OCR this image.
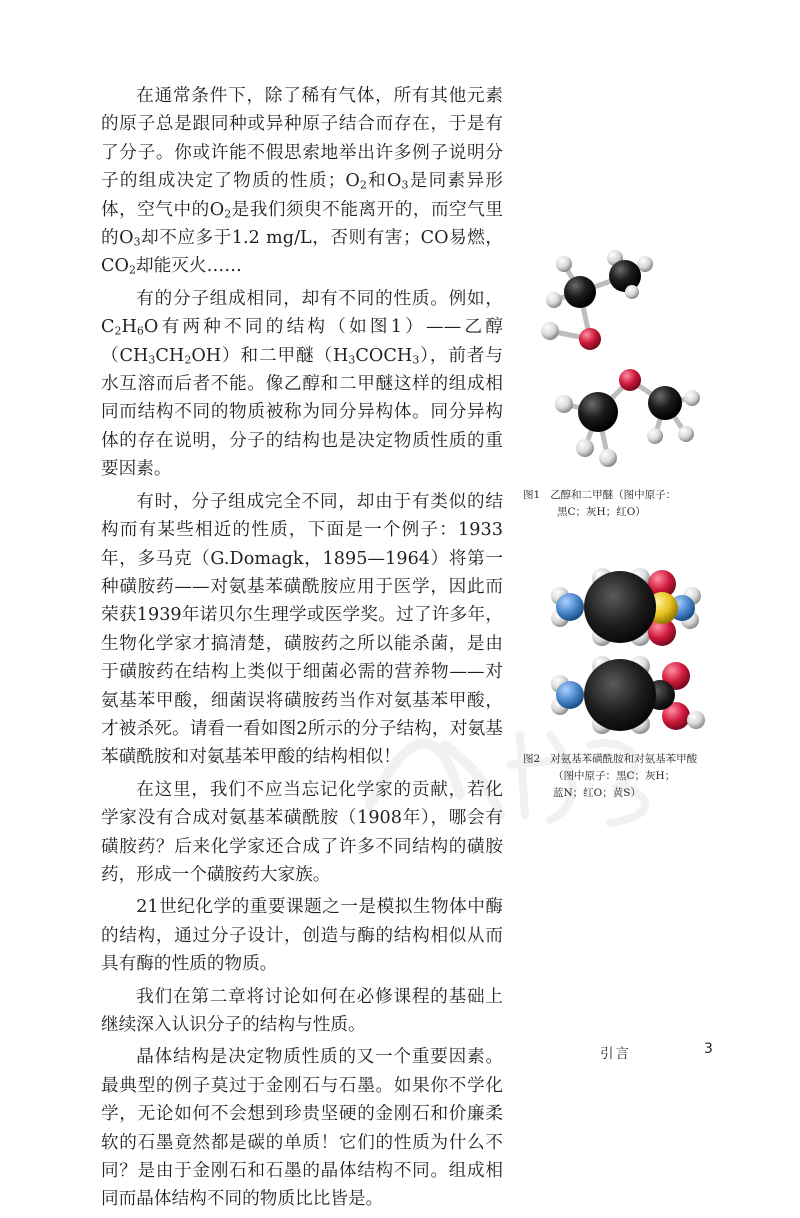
在通常条件下，除了稀有气体，所有其他元素的原子总是跟同种或异种原子结合而存在，于是有了分子。你或许能不假思索地举出许多例子说明分子的组成决定了物质的性质；$O_2$和$O_3$是同素异形体，空气中的$O_2$是我们须臾不能离开的，而空气里的$O_3$却不应多于1.2 mg/L，否则有害；CO易燃，$CO_2$却能灭火……

有的分子组成相同，却有不同的性质。例如，$C_2H_6O$有两种不同的结构（如图1）——乙醇$(CH_3CH_2OH)$和二甲醚$(H_3COCH_3)$，前者与水互溶而后者不能。像乙醇和二甲醚这样的组成相同而结构不同的物质被称为同分异构体。同分异构体的存在说明，分子的结构也是决定物质性质的重要因素。

有时，分子组成完全不同，却由于有类似的结构而有某些相近的性质，下面是一个例子：1933年，多马克（G.Domagk，1895—1964）将第一种磺胺药——对氨基苯磺酰胺应用于医学，因此而荣获1939年诺贝尔生理学或医学奖。过了许多年，生物化学家才搞清楚，磺胺药之所以能杀菌，是由于磺胺药在结构上类似于细菌必需的营养物——对氨基苯甲酸，细菌误将磺胺药当作对氨基苯甲酸，才被杀死。请看一看如图2所示的分子结构，对氨基苯磺酰胺和对氨基苯甲酸的结构相似！

在这里，我们不应当忘记化学家的贡献，若化学家没有合成对氨基苯磺酰胺（1908年），哪会有磺胺药？后来化学家还合成了许多不同结构的磺胺药，形成一个磺胺药大家族。

21世纪化学的重要课题之一是模拟生物体中酶的结构，通过分子设计，创造与酶的结构相似从而具有酶的性质的物质。

我们在第二章将讨论如何在必修课程的基础上继续深入认识分子的结构与性质。

晶体结构是决定物质性质的又一个重要因素。最典型的例子莫过于金刚石与石墨。如果你不学化学，无论如何不会想到珍贵坚硬的金刚石和价廉柔软的石墨竟然都是碳的单质！它们的性质为什么不同？是由于金刚石和石墨的晶体结构不同。组成相同而晶体结构不同的物质比比皆是。

图1 乙醇和二甲醚（图中原子：
黑C；灰H；红O）
图2 对氨基苯磺酰胺和对氨基苯甲酸
（图中原子：黑C；灰H；
蓝N；红O；黄S）
引言	3
